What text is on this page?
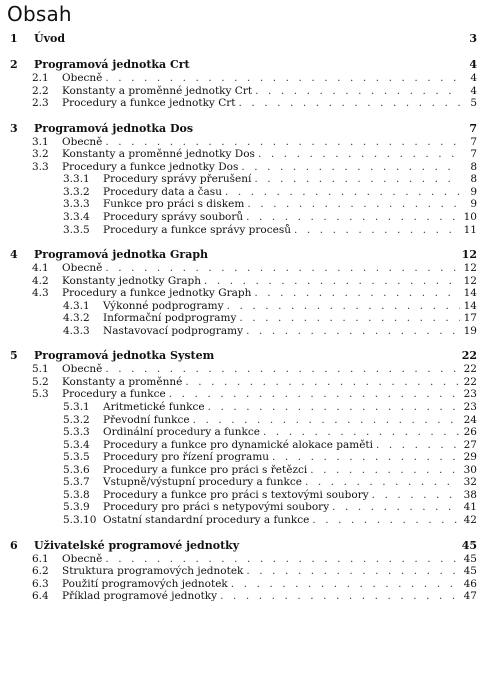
Obsah
1	Úvod	3
2	Programová jednotka Crt	4
2.1	Obecně . . .	4
2.2	Konstanty a proměnné jednotky Crt . . .	4
2.3	Procedury a funkce jednotky Crt . . .	5
3	Programová jednotka Dos	7
3.1	Obecně . . .	7
3.2	Konstanty a proměnné jednotky Dos . . .	7
3.3	Procedury a funkce jednotky Dos . . .	8
3.3.1	Procedury správy přerušení . . .	8
3.3.2	Procedury data a času . . .	9
3.3.3	Funkce pro práci s diskem . . .	9
3.3.4	Procedury správy souborů . . .	10
3.3.5	Procedury a funkce správy procesů . . .	11
4	Programová jednotka Graph	12
4.1	Obecně . . .	12
4.2	Konstanty jednotky Graph . . .	12
4.3	Procedury a funkce jednotky Graph . . .	14
4.3.1	Výkonné podprogramy . . .	14
4.3.2	Informační podprogramy . . .	17
4.3.3	Nastavovací podprogramy . . .	19
5	Programová jednotka System	22
5.1	Obecně . . .	22
5.2	Konstanty a proměnné . . .	22
5.3	Procedury a funkce . . .	23
5.3.1	Aritmetické funkce . . .	23
5.3.2	Převodní funkce . . .	24
5.3.3	Ordinální procedury a funkce . . .	26
5.3.4	Procedury a funkce pro dynamické alokace paměti . . .	27
5.3.5	Procedury pro řízení programu . . .	29
5.3.6	Procedury a funkce pro práci s řetězci . . .	30
5.3.7	Vstupně/výstupní procedury a funkce . . .	32
5.3.8	Procedury a funkce pro práci s textovými soubory . . .	38
5.3.9	Procedury pro práci s netypovými soubory . . .	41
5.3.10 Ostatní standardní procedury a funkce . . .	42
6	Uživatelské programové jednotky	45
6.1	Obecně . . .	45
6.2	Struktura programových jednotek . . .	45
6.3	Použití programových jednotek . . .	46
6.4	Příklad programové jednotky . . .	47
